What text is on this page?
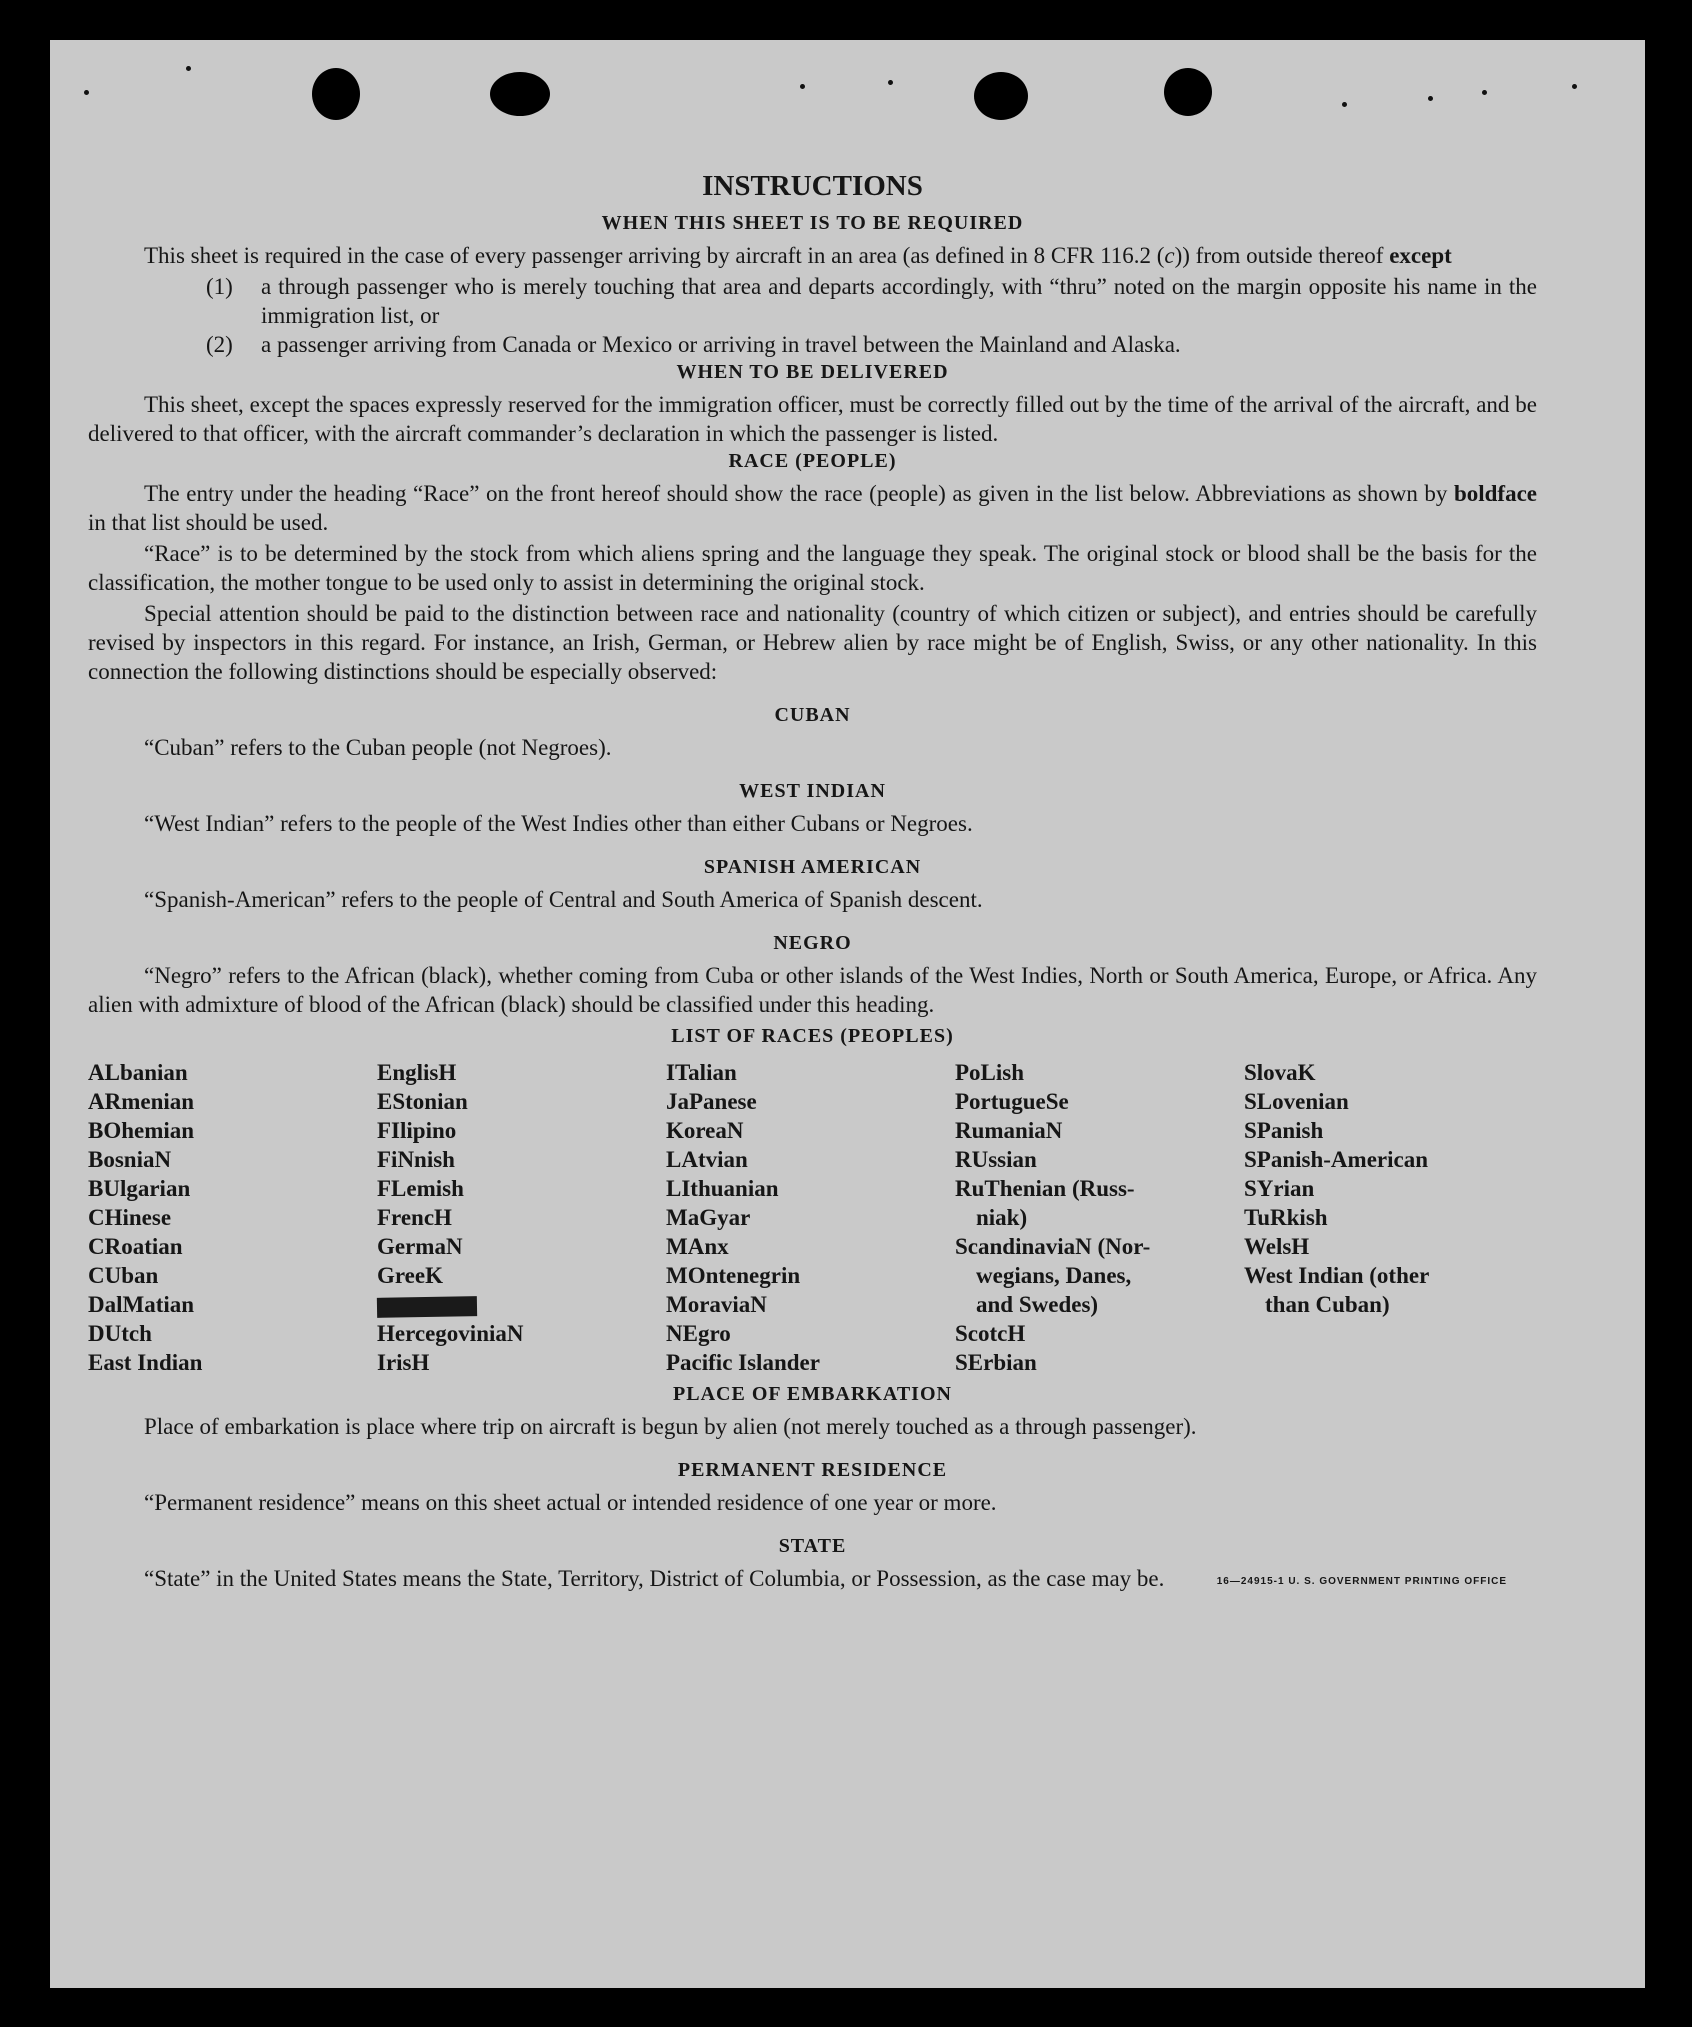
INSTRUCTIONS
WHEN THIS SHEET IS TO BE REQUIRED
This sheet is required in the case of every passenger arriving by aircraft in an area (as defined in 8 CFR 116.2 (c)) from outside thereof except
(1)	a through passenger who is merely touching that area and departs accordingly, with “thru” noted on the margin opposite his name in the immigration list, or
(2)	a passenger arriving from Canada or Mexico or arriving in travel between the Mainland and Alaska.
WHEN TO BE DELIVERED
This sheet, except the spaces expressly reserved for the immigration officer, must be correctly filled out by the time of the arrival of the aircraft, and be delivered to that officer, with the aircraft commander’s declaration in which the passenger is listed.
RACE (PEOPLE)
The entry under the heading “Race” on the front hereof should show the race (people) as given in the list below. Abbreviations as shown by boldface in that list should be used.
“Race” is to be determined by the stock from which aliens spring and the language they speak. The original stock or blood shall be the basis for the classification, the mother tongue to be used only to assist in determining the original stock.
Special attention should be paid to the distinction between race and nationality (country of which citizen or subject), and entries should be carefully revised by inspectors in this regard. For instance, an Irish, German, or Hebrew alien by race might be of English, Swiss, or any other nationality. In this connection the following distinctions should be especially observed:
CUBAN
“Cuban” refers to the Cuban people (not Negroes).
WEST INDIAN
“West Indian” refers to the people of the West Indies other than either Cubans or Negroes.
SPANISH AMERICAN
“Spanish-American” refers to the people of Central and South America of Spanish descent.
NEGRO
“Negro” refers to the African (black), whether coming from Cuba or other islands of the West Indies, North or South America, Europe, or Africa. Any alien with admixture of blood of the African (black) should be classified under this heading.
LIST OF RACES (PEOPLES)
ALbanian
ARmenian
BOhemian
BosniaN
BUlgarian
CHinese
CRoatian
CUban
DalMatian
DUtch
East Indian
EnglisH
EStonian
FIlipino
FiNnish
FLemish
FrencH
GermaN
GreeK
HercegoviniaN
IrisH
ITalian
JaPanese
KoreaN
LAtvian
LIthuanian
MaGyar
MAnx
MOntenegrin
MoraviaN
NEgro
Pacific Islander
PoLish
PortugueSe
RumaniaN
RUssian
RuThenian (Russ-
niak)
ScandinaviaN (Nor-
wegians, Danes,
and Swedes)
ScotcH
SErbian
SlovaK
SLovenian
SPanish
SPanish-American
SYrian
TuRkish
WelsH
West Indian (other
than Cuban)
PLACE OF EMBARKATION
Place of embarkation is place where trip on aircraft is begun by alien (not merely touched as a through passenger).
PERMANENT RESIDENCE
“Permanent residence” means on this sheet actual or intended residence of one year or more.
STATE
“State” in the United States means the State, Territory, District of Columbia, or Possession, as the case may be.	16—24915-1 U. S. GOVERNMENT PRINTING OFFICE
